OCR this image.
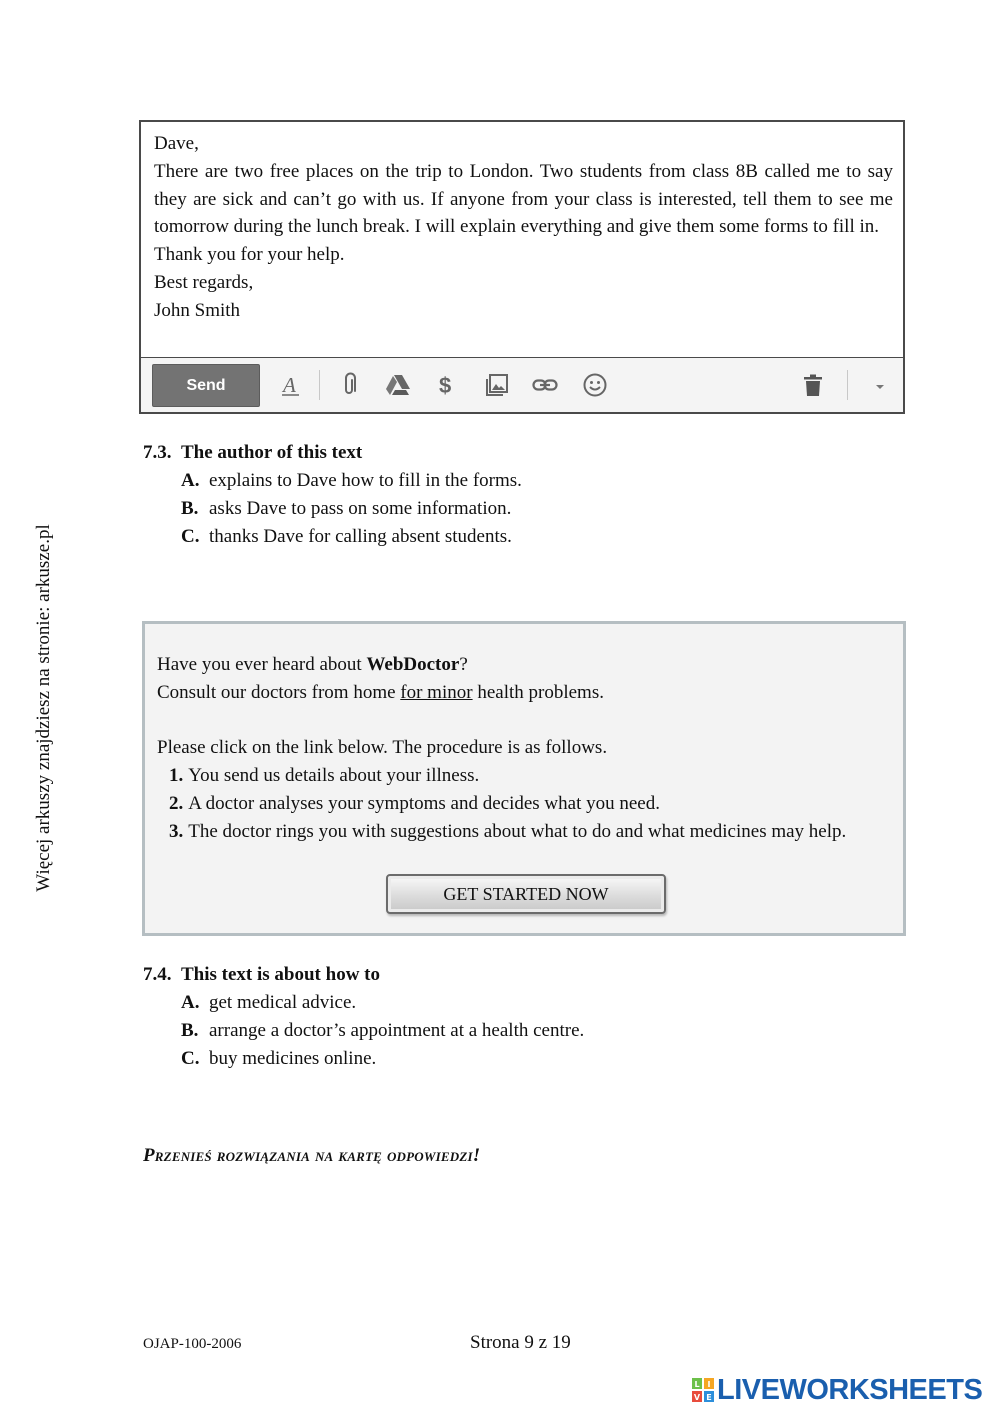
Więcej arkuszy znajdziesz na stronie: arkusze.pl

Dave,

There are two free places on the trip to London. Two students from class 8B called me to say they are sick and can’t go with us. If anyone from your class is interested, tell them to see me tomorrow during the lunch break. I will explain everything and give them some forms to fill in.

Thank you for your help.

Best regards,

John Smith

Send	A	$
7.3. The author of this text
A. explains to Dave how to fill in the forms.
B. asks Dave to pass on some information.
C. thanks Dave for calling absent students.

Have you ever heard about WebDoctor?

Consult our doctors from home for minor health problems.

Please click on the link below. The procedure is as follows.

1. You send us details about your illness.

2. A doctor analyses your symptoms and decides what you need.

3. The doctor rings you with suggestions about what to do and what medicines may help.

GET STARTED NOW
7.4. This text is about how to
A. get medical advice.
B. arrange a doctor’s appointment at a health centre.
C. buy medicines online.
Przenieś rozwiązania na kartę odpowiedzi!
OJAP-100-2006	Strona 9 z 19
L I
V E LIVEWORKSHEETS
